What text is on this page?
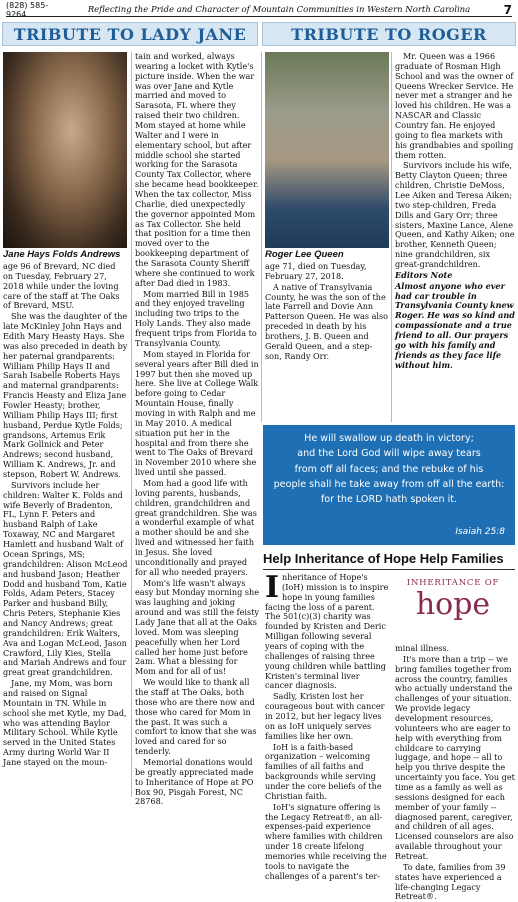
(828) 585-9264	Reflecting the Pride and Character of Mountain Communities in Western North Carolina	7
TRIBUTE TO LADY JANE	TRIBUTE TO ROGER
Jane Hays Folds Andrews

age 96 of Brevard, NC died on Tuesday, February 27, 2018 while under the loving care of the staff at The Oaks of Brevard, MSU.

She was the daughter of the late McKinley John Hays and Edith Mary Heasty Hays. She was also preceded in death by her paternal grandparents: William Philip Hays II and Sarah Isabelle Roberts Hays and maternal grandparents: Francis Heasty and Eliza Jane Fowler Heasty; brother, William Philip Hays III; first husband, Perdue Kytle Folds; grandsons, Artemus Erik Mark Gollnick and Peter Andrews; second husband, William K. Andrews, Jr. and stepson, Robert W. Andrews.

Survivors include her children: Walter K. Folds and wife Beverly of Bradenton, FL, Lynn F. Peters and husband Ralph of Lake Toxaway, NC and Margaret Hamlett and husband Walt of Ocean Springs, MS; grandchildren: Alison McLeod and husband Jason; Heather Dodd and husband Tom, Katie Folds, Adam Peters, Stacey Parker and husband Billy, Chris Peters, Stephanie Kies and Nancy Andrews; great grandchildren: Erik Walters, Ava and Logan McLeod, Jason Crawford, Lily Kies, Stella and Mariah Andrews and four great great grandchildren.

Jane, my Mom, was born and raised on Signal Mountain in TN. While in school she met Kytle, my Dad, who was attending Baylor Military School. While Kytle served in the United States Army during World War II Jane stayed on the moun-

tain and worked, always wearing a locket with Kytle's picture inside. When the war was over Jane and Kytle married and moved to Sarasota, FL where they raised their two children. Mom stayed at home while Walter and I were in elementary school, but after middle school she started working for the Sarasota County Tax Collector, where she became head bookkeeper. When the tax collector, Miss Charlie, died unexpectedly the governor appointed Mom as Tax Collector. She held that position for a time then moved over to the bookkeeping department of the Sarasota County Sheriff where she continued to work after Dad died in 1983.

Mom married Bill in 1985 and they enjoyed traveling including two trips to the Holy Lands. They also made frequent trips from Florida to Transylvania County.

Mom stayed in Florida for several years after Bill died in 1997 but then she moved up here. She live at College Walk before going to Cedar Mountain House, finally moving in with Ralph and me in May 2010. A medical situation put her in the hospital and from there she went to The Oaks of Brevard in November 2010 where she lived until she passed.

Mom had a good life with loving parents, husbands, children, grandchildren and great grandchildren. She was a wonderful example of what a mother should be and she lived and witnessed her faith in Jesus. She loved unconditionally and prayed for all who needed prayers.

Mom's life wasn't always easy but Monday morning she was laughing and joking around and was still the feisty Lady Jane that all at the Oaks loved. Mom was sleeping peacefully when her Lord called her home just before 2am. What a blessing for Mom and for all of us!

We would like to thank all the staff at The Oaks, both those who are there now and those who cared for Mom in the past. It was such a comfort to know that she was loved and cared for so tenderly.

Memorial donations would be greatly appreciated made to Inheritance of Hope at PO Box 90, Pisgah Forest, NC 28768.

Roger Lee Queen

age 71, died on Tuesday, February 27, 2018.

A native of Transylvania County, he was the son of the late Farrell and Dovie Ann Patterson Queen. He was also preceded in death by his brothers, J. B. Queen and Gerald Queen, and a step-son, Randy Orr.

Mr. Queen was a 1966 graduate of Rosman High School and was the owner of Queens Wrecker Service. He never met a stranger and he loved his children. He was a NASCAR and Classic Country fan. He enjoyed going to flea markets with his grandbabies and spoiling them rotten.

Survivors include his wife, Betty Clayton Queen; three children, Christie DeMoss, Lee Aiken and Teresa Aiken; two step-children, Freda Dills and Gary Orr; three sisters, Maxine Lance, Alene Queen, and Kathy Aiken; one brother, Kenneth Queen; nine grandchildren, six great-grandchildren.

Editors Note

Almost anyone who ever had car trouble in Transylvania County knew Roger. He was so kind and compassionate and a true friend to all. Our prayers go with his family and friends as they face life without him.

He will swallow up death in victory;
and the Lord God will wipe away tears
from off all faces; and the rebuke of his
people shall he take away from off all the earth:
for the LORD hath spoken it.
Isaiah 25:8
Help Inheritance of Hope Help Families

Inheritance of Hope's (IoH) mission is to inspire hope in young families facing the loss of a parent. The 501(c)(3) charity was founded by Kristen and Deric Milligan following several years of coping with the challenges of raising three young children while battling Kristen's terminal liver cancer diagnosis.

Sadly, Kristen lost her courageous bout with cancer in 2012, but her legacy lives on as IoH uniquely serves families like her own.

IoH is a faith-based organization – welcoming families of all faiths and backgrounds while serving under the core beliefs of the Christian faith.

IoH's signature offering is the Legacy Retreat®, an all-expenses-paid experience where families with children under 18 create lifelong memories while receiving the tools to navigate the challenges of a parent's ter-

INHERITANCE OF
hope

minal illness.

It's more than a trip -- we bring families together from across the country, families who actually understand the challenges of your situation. We provide legacy development resources, volunteers who are eager to help with everything from childcare to carrying luggage, and hope -- all to help you thrive despite the uncertainty you face. You get time as a family as well as sessions designed for each member of your family -- diagnosed parent, caregiver, and children of all ages. Licensed counselors are also available throughout your Retreat.

To date, families from 39 states have experienced a life-changing Legacy Retreat®.
